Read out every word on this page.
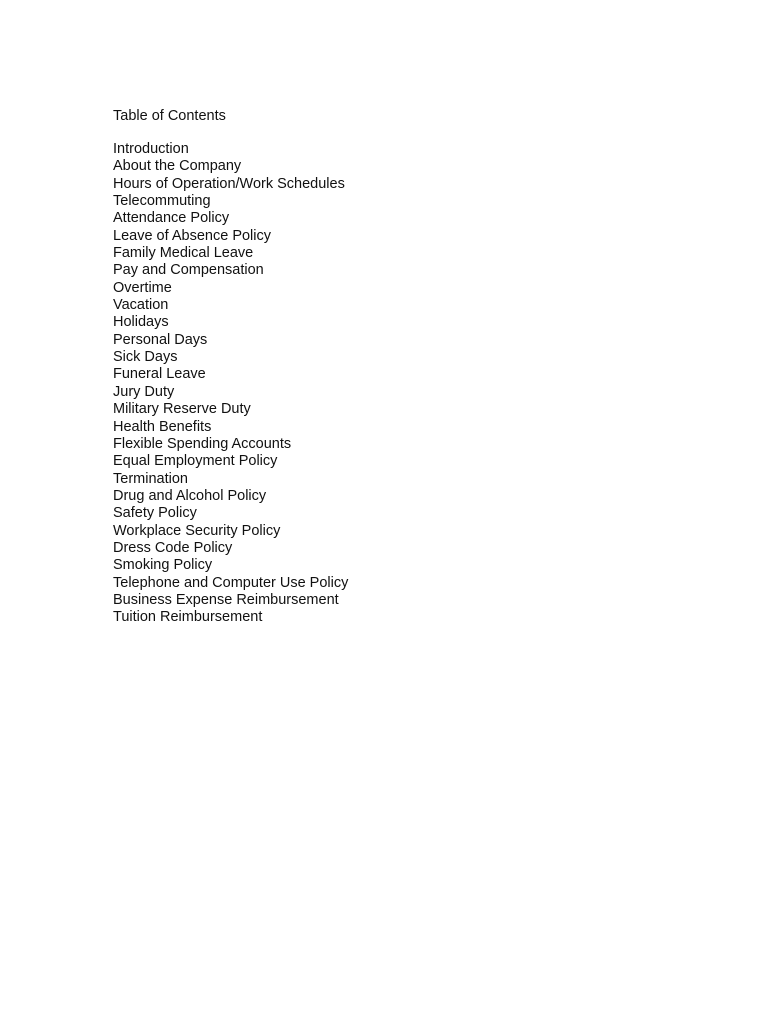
Table of Contents
Introduction
About the Company
Hours of Operation/Work Schedules
Telecommuting
Attendance Policy
Leave of Absence Policy
Family Medical Leave
Pay and Compensation
Overtime
Vacation
Holidays
Personal Days
Sick Days
Funeral Leave
Jury Duty
Military Reserve Duty
Health Benefits
Flexible Spending Accounts
Equal Employment Policy
Termination
Drug and Alcohol Policy
Safety Policy
Workplace Security Policy
Dress Code Policy
Smoking Policy
Telephone and Computer Use Policy
Business Expense Reimbursement
Tuition Reimbursement
